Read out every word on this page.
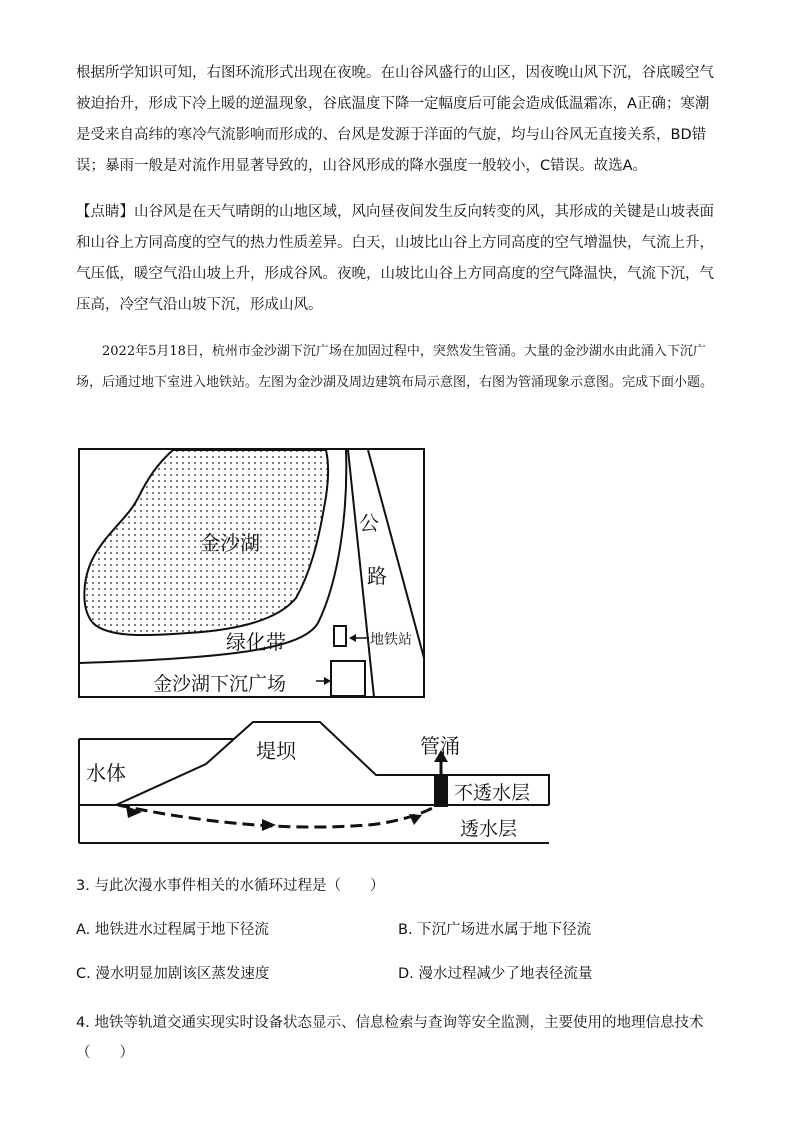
根据所学知识可知，右图环流形式出现在夜晚。在山谷风盛行的山区，因夜晚山风下沉，谷底暖空气被迫抬升，形成下冷上暖的逆温现象，谷底温度下降一定幅度后可能会造成低温霜冻，A正确；寒潮是受来自高纬的寒冷气流影响而形成的、台风是发源于洋面的气旋，均与山谷风无直接关系，BD错误；暴雨一般是对流作用显著导致的，山谷风形成的降水强度一般较小，C错误。故选A。

【点睛】山谷风是在天气晴朗的山地区域，风向昼夜间发生反向转变的风，其形成的关键是山坡表面和山谷上方同高度的空气的热力性质差异。白天，山坡比山谷上方同高度的空气增温快，气流上升，气压低，暖空气沿山坡上升，形成谷风。夜晚，山坡比山谷上方同高度的空气降温快，气流下沉，气压高，冷空气沿山坡下沉，形成山风。

2022年5月18日，杭州市金沙湖下沉广场在加固过程中，突然发生管涌。大量的金沙湖水由此涌入下沉广场，后通过地下室进入地铁站。左图为金沙湖及周边建筑布局示意图，右图为管涌现象示意图。完成下面小题。

金沙湖
公
路
绿化带	地铁站
金沙湖下沉广场
水体
堤坝	管涌
不透水层
透水层

3. 与此次漫水事件相关的水循环过程是（　　）

A. 地铁进水过程属于地下径流	B. 下沉广场进水属于地下径流
C. 漫水明显加剧该区蒸发速度	D. 漫水过程减少了地表径流量

4. 地铁等轨道交通实现实时设备状态显示、信息检索与查询等安全监测，主要使用的地理信息技术（　　）
